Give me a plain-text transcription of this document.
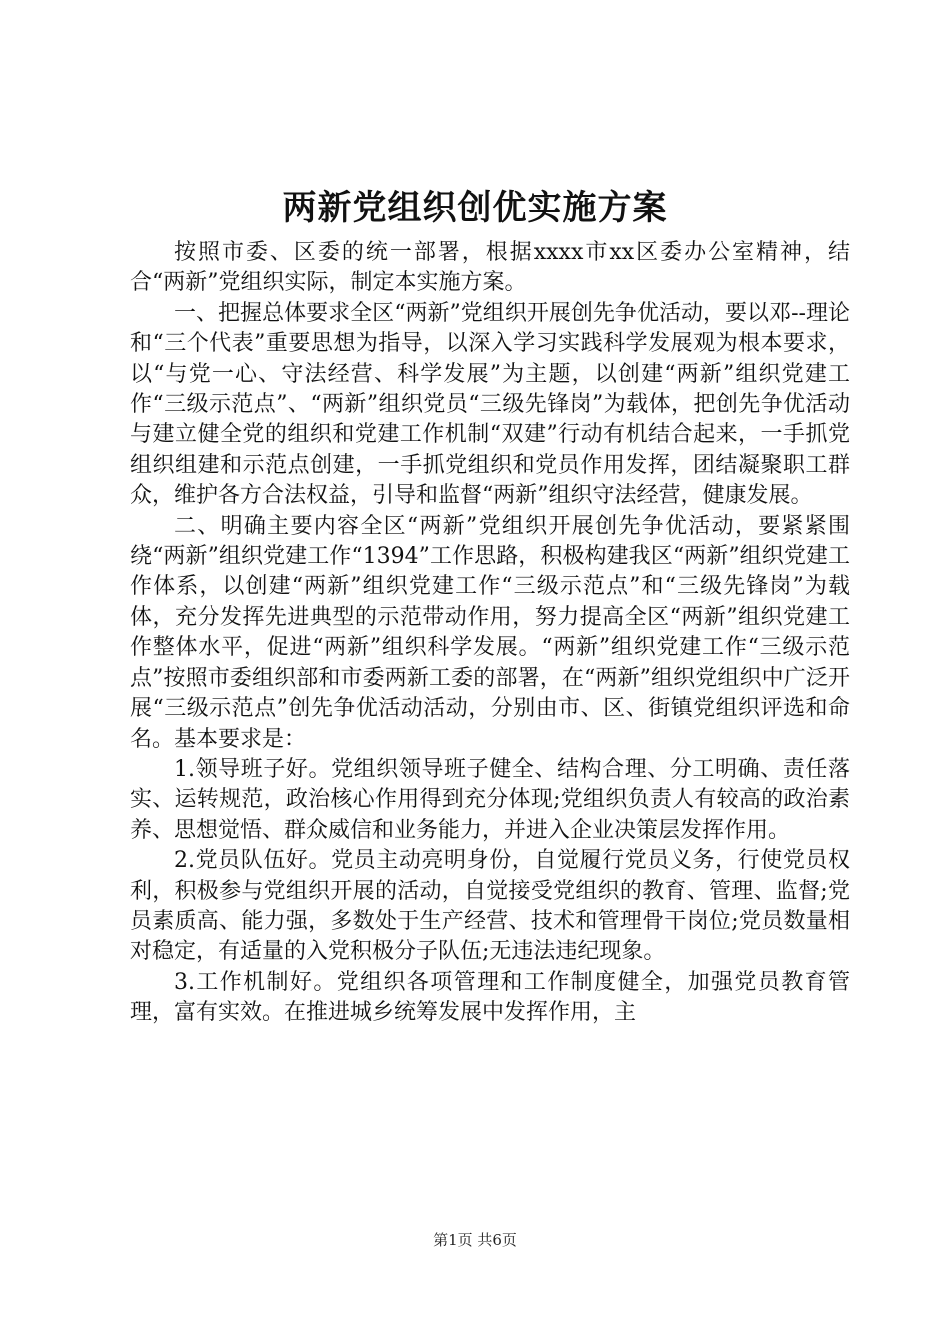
两新党组织创优实施方案

按照市委、区委的统一部署，根据xxxx市xx区委办公室精神，结合“两新”党组织实际，制定本实施方案。

一、把握总体要求全区“两新”党组织开展创先争优活动，要以邓--理论和“三个代表”重要思想为指导，以深入学习实践科学发展观为根本要求，以“与党一心、守法经营、科学发展”为主题，以创建“两新”组织党建工作“三级示范点”、“两新”组织党员“三级先锋岗”为载体，把创先争优活动与建立健全党的组织和党建工作机制“双建”行动有机结合起来，一手抓党组织组建和示范点创建，一手抓党组织和党员作用发挥，团结凝聚职工群众，维护各方合法权益，引导和监督“两新”组织守法经营，健康发展。

二、明确主要内容全区“两新”党组织开展创先争优活动，要紧紧围绕“两新”组织党建工作“1394”工作思路，积极构建我区“两新”组织党建工作体系，以创建“两新”组织党建工作“三级示范点”和“三级先锋岗”为载体，充分发挥先进典型的示范带动作用，努力提高全区“两新”组织党建工作整体水平，促进“两新”组织科学发展。“两新”组织党建工作“三级示范点”按照市委组织部和市委两新工委的部署，在“两新”组织党组织中广泛开展“三级示范点”创先争优活动活动，分别由市、区、街镇党组织评选和命名。基本要求是：

1.领导班子好。党组织领导班子健全、结构合理、分工明确、责任落实、运转规范，政治核心作用得到充分体现;党组织负责人有较高的政治素养、思想觉悟、群众威信和业务能力，并进入企业决策层发挥作用。

2.党员队伍好。党员主动亮明身份，自觉履行党员义务，行使党员权利，积极参与党组织开展的活动，自觉接受党组织的教育、管理、监督;党员素质高、能力强，多数处于生产经营、技术和管理骨干岗位;党员数量相对稳定，有适量的入党积极分子队伍;无违法违纪现象。

3.工作机制好。党组织各项管理和工作制度健全，加强党员教育管理，富有实效。在推进城乡统筹发展中发挥作用，主

第1页 共6页
